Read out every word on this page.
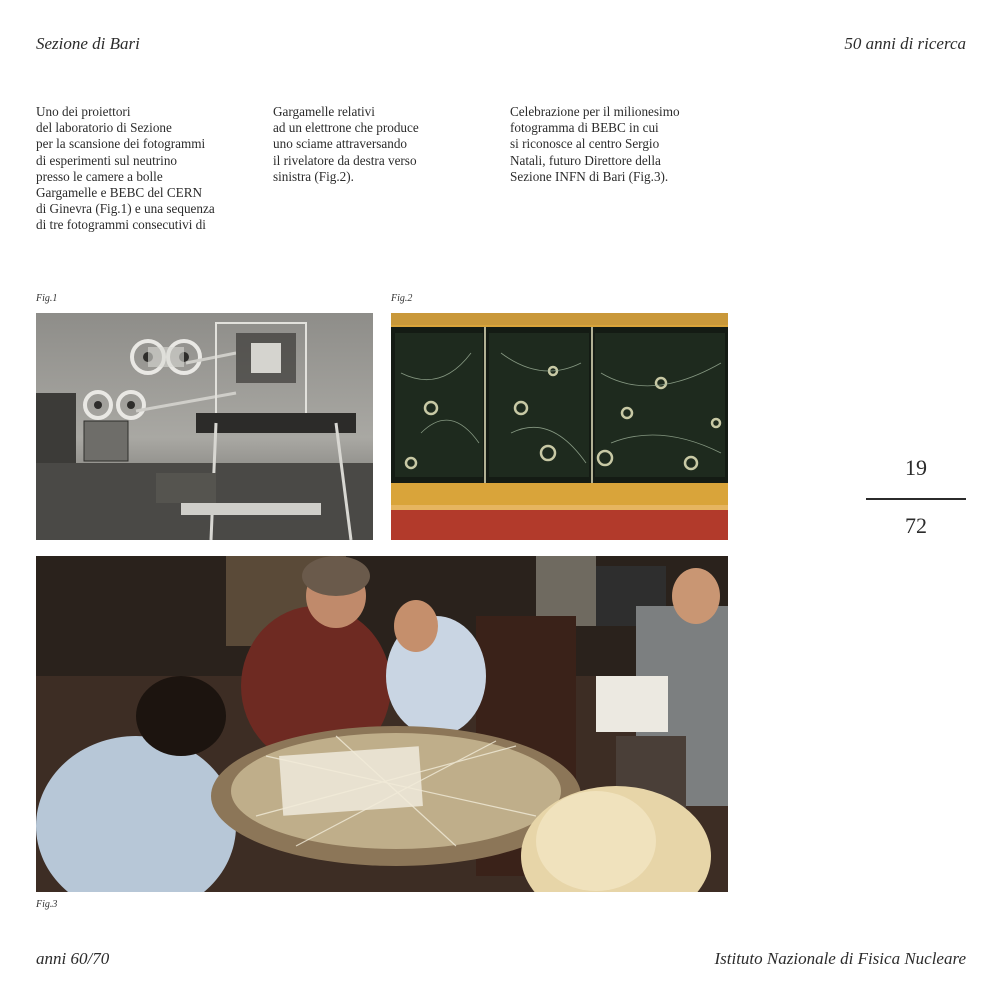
Sezione di Bari	50 anni di ricerca
Uno dei proiettori
del laboratorio di Sezione
per la scansione dei fotogrammi
di esperimenti sul neutrino
presso le camere a bolle
Gargamelle e BEBC del CERN
di Ginevra (Fig.1) e una sequenza
di tre fotogrammi consecutivi di
Gargamelle relativi
ad un elettrone che produce
uno sciame attraversando
il rivelatore da destra verso
sinistra (Fig.2).
Celebrazione per il milionesimo
fotogramma di BEBC in cui
si riconosce al centro Sergio
Natali, futuro Direttore della
Sezione INFN di Bari (Fig.3).
Fig.1	Fig.2
Fig.3
19
72
anni 60/70	Istituto Nazionale di Fisica Nucleare
